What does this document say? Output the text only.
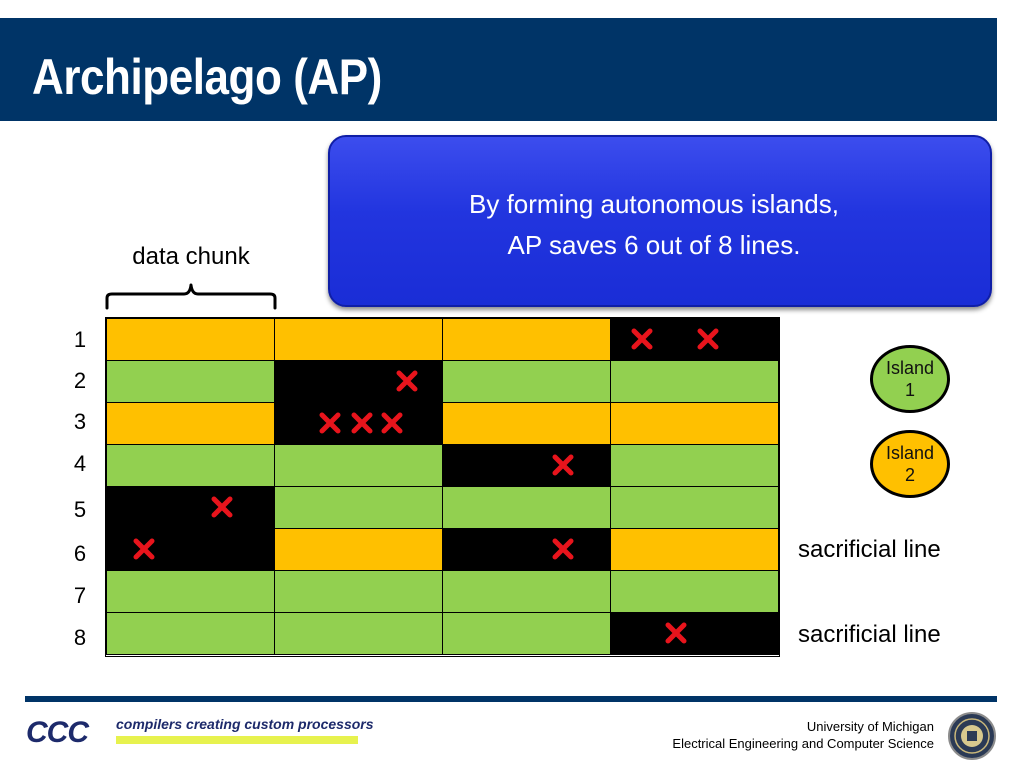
Archipelago (AP)
By forming autonomous islands,
AP saves 6 out of 8 lines.
data chunk
1
2
3
4
5
6
7
8
Island
1
Island
2
sacrificial line
sacrificial line
CCC compilers creating custom processors	University of Michigan
Electrical Engineering and Computer Science
